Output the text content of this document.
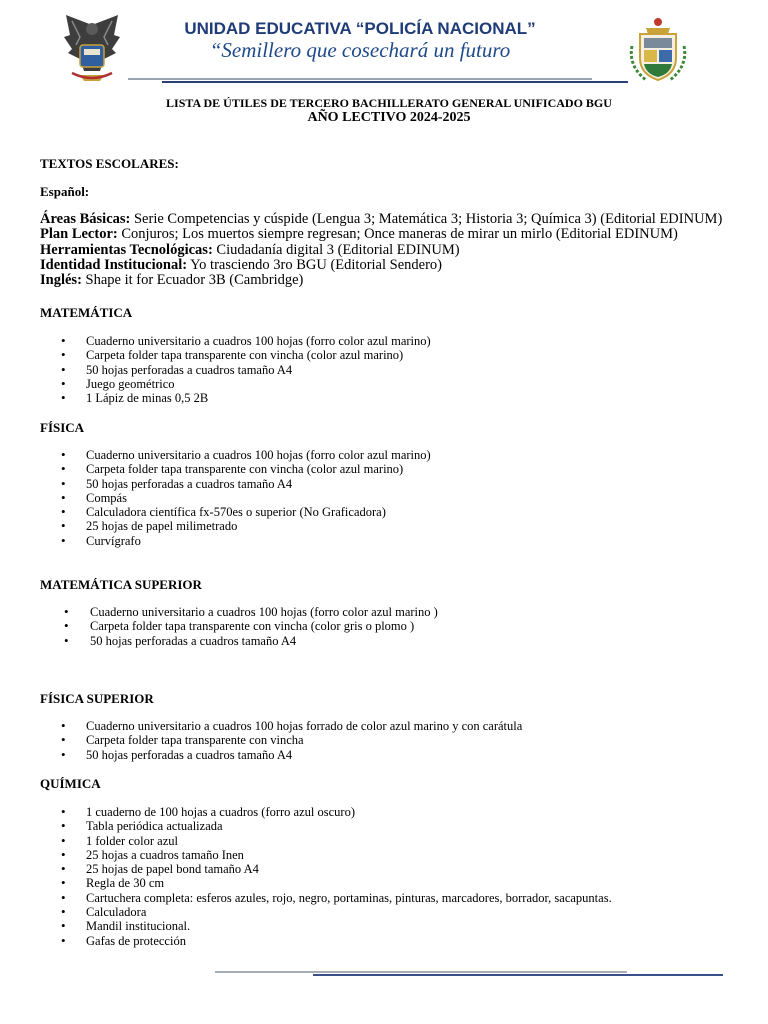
UNIDAD EDUCATIVA “POLICÍA NACIONAL”
“Semillero que cosechará un futuro
LISTA DE ÚTILES DE TERCERO BACHILLERATO GENERAL UNIFICADO BGU
AÑO LECTIVO 2024-2025
TEXTOS ESCOLARES:
Español:
Áreas Básicas: Serie Competencias y cúspide (Lengua 3; Matemática 3; Historia 3; Química 3) (Editorial EDINUM)
Plan Lector: Conjuros; Los muertos siempre regresan; Once maneras de mirar un mirlo (Editorial EDINUM)
Herramientas Tecnológicas: Ciudadanía digital 3 (Editorial EDINUM)
Identidad Institucional: Yo trasciendo 3ro BGU (Editorial Sendero)
Inglés: Shape it for Ecuador 3B (Cambridge)
MATEMÁTICA
• Cuaderno universitario a cuadros 100 hojas (forro color azul marino)
• Carpeta folder tapa transparente con vincha (color azul marino)
• 50 hojas perforadas a cuadros tamaño A4
• Juego geométrico
• 1 Lápiz de minas 0,5 2B
FÍSICA
• Cuaderno universitario a cuadros 100 hojas (forro color azul marino)
• Carpeta folder tapa transparente con vincha (color azul marino)
• 50 hojas perforadas a cuadros tamaño A4
• Compás
• Calculadora científica fx-570es o superior (No Graficadora)
• 25 hojas de papel milimetrado
• Curvígrafo
MATEMÁTICA SUPERIOR
• Cuaderno universitario a cuadros 100 hojas (forro color azul marino )
• Carpeta folder tapa transparente con vincha (color gris o plomo )
• 50 hojas perforadas a cuadros tamaño A4
FÍSICA SUPERIOR
• Cuaderno universitario a cuadros 100 hojas forrado de color azul marino y con carátula
• Carpeta folder tapa transparente con vincha
• 50 hojas perforadas a cuadros tamaño A4
QUÍMICA
• 1 cuaderno de 100 hojas a cuadros (forro azul oscuro)
• Tabla periódica actualizada
• 1 folder color azul
• 25 hojas a cuadros tamaño Inen
• 25 hojas de papel bond tamaño A4
• Regla de 30 cm
• Cartuchera completa: esferos azules, rojo, negro, portaminas, pinturas, marcadores, borrador, sacapuntas.
• Calculadora
• Mandil institucional.
• Gafas de protección
